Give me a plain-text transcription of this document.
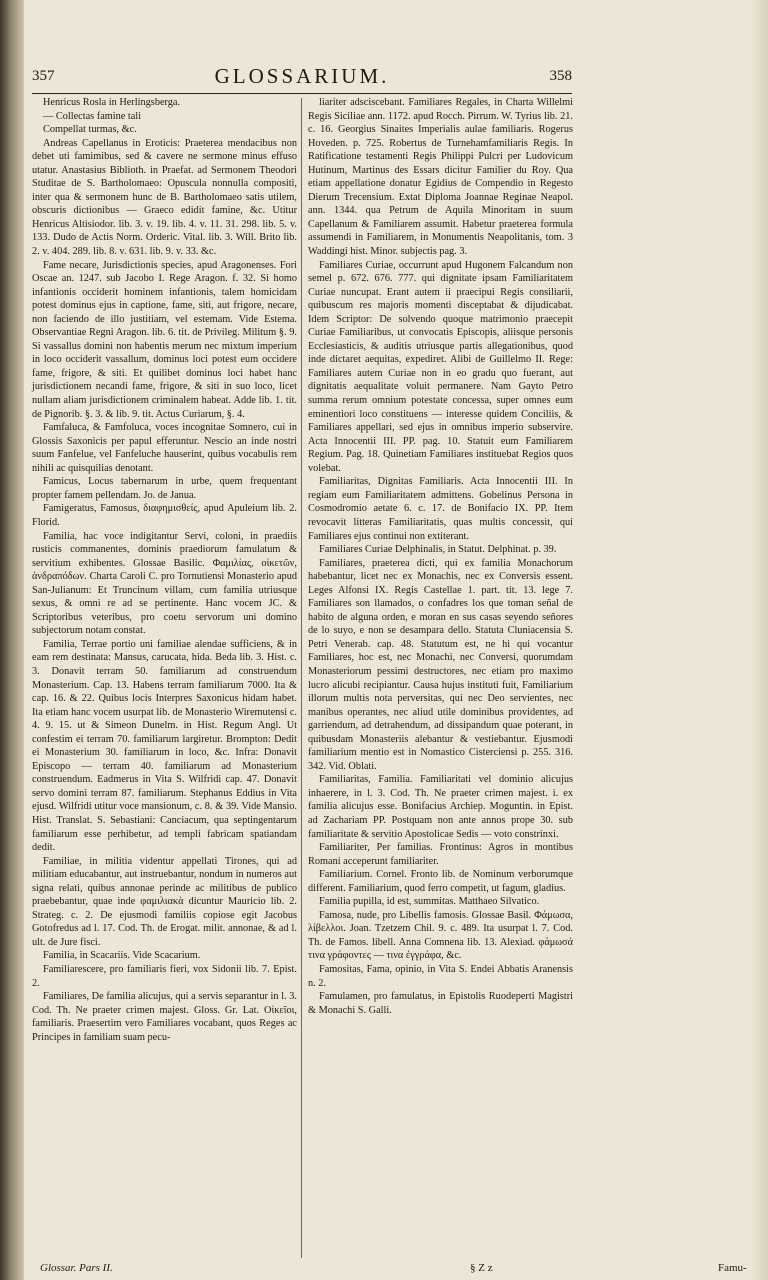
357	GLOSSARIUM.	358

Henricus Rosla in Herlingsberga.

— Collectas famine tali

Compellat turmas, &c.

Andreas Capellanus in Eroticis: Praeterea mendacibus non debet uti famimibus, sed & cavere ne sermone minus effuso utatur. Anastasius Biblioth. in Praefat. ad Sermonem Theodori Studitae de S. Bartholomaeo: Opuscula nonnulla compositi, inter qua & sermonem hunc de B. Bartholomaeo satis utilem, obscuris dictionibus — Graeco edidit famine, &c. Utitur Henricus Altisiodor. lib. 3. v. 19. lib. 4. v. 11. 31. 298. lib. 5. v. 133. Dudo de Actis Norm. Orderic. Vital. lib. 3. Will. Brito lib. 2. v. 404. 289. lib. 8. v. 631. lib. 9. v. 33. &c.

Fame necare, Jurisdictionis species, apud Aragonenses. Fori Oscae an. 1247. sub Jacobo I. Rege Aragon. f. 32. Si homo infantionis occiderit hominem infantionis, talem homicidam potest dominus ejus in captione, fame, siti, aut frigore, necare, non faciendo de illo justitiam, vel estemam. Vide Estema. Observantiae Regni Aragon. lib. 6. tit. de Privileg. Militum §. 9. Si vassallus domini non habentis merum nec mixtum imperium in loco occiderit vassallum, dominus loci potest eum occidere fame, frigore, & siti. Et quilibet dominus loci habet hanc jurisdictionem necandi fame, frigore, & siti in suo loco, licet nullam aliam jurisdictionem criminalem habeat. Adde lib. 1. tit. de Pignorib. §. 3. & lib. 9. tit. Actus Curiarum, §. 4.

Famfaluca, & Famfoluca, voces incognitae Somnero, cui in Glossis Saxonicis per papul efferuntur. Nescio an inde nostri suum Fanfelue, vel Fanfeluche hauserint, quibus vocabulis rem nihili ac quisquilias denotant.

Famicus, Locus tabernarum in urbe, quem frequentant propter famem pellendam. Jo. de Janua.

Famigeratus, Famosus, διαφημισθείς, apud Apuleium lib. 2. Florid.

Familia, hac voce indigitantur Servi, coloni, in praediis rusticis commanentes, dominis praediorum famulatum & servitium exhibentes. Glossae Basilic. Φαμιλίας, οἰκετῶν, ἀνδραπόδων. Charta Caroli C. pro Tornutiensi Monasterio apud San-Julianum: Et Truncinum villam, cum familia utriusque sexus, & omni re ad se pertinente. Hanc vocem JC. & Scriptoribus veteribus, pro coetu servorum uni domino subjectorum notam constat.

Familia, Terrae portio uni familiae alendae sufficiens, & in eam rem destinata: Mansus, carucata, hida. Beda lib. 3. Hist. c. 3. Donavit terram 50. familiarum ad construendum Monasterium. Cap. 13. Habens terram familiarum 7000. Ita & cap. 16. & 22. Quibus locis Interpres Saxonicus hidam habet. Ita etiam hanc vocem usurpat lib. de Monasterio Wiremutensi c. 4. 9. 15. ut & Simeon Dunelm. in Hist. Regum Angl. Ut confestim ei terram 70. familiarum largiretur. Brompton: Dedit ei Monasterium 30. familiarum in loco, &c. Infra: Donavit Episcopo — terram 40. familiarum ad Monasterium construendum. Eadmerus in Vita S. Wilfridi cap. 47. Donavit servo domini terram 87. familiarum. Stephanus Eddius in Vita ejusd. Wilfridi utitur voce mansionum, c. 8. & 39. Vide Mansio. Hist. Translat. S. Sebastiani: Canciacum, qua septingentarum familiarum esse perhibetur, ad templi fabricam spatiandam dedit.

Familiae, in militia videntur appellati Tirones, qui ad militiam educabantur, aut instruebantur, nondum in numeros aut signa relati, quibus annonae perinde ac militibus de publico praebebantur, quae inde φαμιλιακὰ dicuntur Mauricio lib. 2. Strateg. c. 2. De ejusmodi familiis copiose egit Jacobus Gotofredus ad l. 17. Cod. Th. de Erogat. milit. annonae, & ad l. ult. de Jure fisci.

Familia, in Scacariis. Vide Scacarium.

Familiarescere, pro familiaris fieri, vox Sidonii lib. 7. Epist. 2.

Familiares, De familia alicujus, qui a servis separantur in l. 3. Cod. Th. Ne praeter crimen majest. Gloss. Gr. Lat. Οἰκεῖοι, familiaris. Praesertim vero Familiares vocabant, quos Reges ac Principes in familiam suam pecu-

liariter adsciscebant. Familiares Regales, in Charta Willelmi Regis Siciliae ann. 1172. apud Rocch. Pirrum. W. Tyrius lib. 21. c. 16. Georgius Sinaites Imperialis aulae familiaris. Rogerus Hoveden. p. 725. Robertus de Turnehamfamiliaris Regis. In Ratificatione testamenti Regis Philippi Pulcri per Ludovicum Hutinum, Martinus des Essars dicitur Familier du Roy. Qua etiam appellatione donatur Egidius de Compendio in Regesto Dierum Trecensium. Extat Diploma Joannae Reginae Neapol. ann. 1344. qua Petrum de Aquila Minoritam in suum Capellanum & Familiarem assumit. Habetur praeterea formula assumendi in Familiarem, in Monumentis Neapolitanis, tom. 3 Waddingi hist. Minor. subjectis pag. 3.

Familiares Curiae, occurrunt apud Hugonem Falcandum non semel p. 672. 676. 777. qui dignitate ipsam Familiaritatem Curiae nuncupat. Erant autem ii praecipui Regis consiliarii, quibuscum res majoris momenti disceptabat & dijudicabat. Idem Scriptor: De solvendo quoque matrimonio praecepit Curiae Familiaribus, ut convocatis Episcopis, aliisque personis Ecclesiasticis, & auditis utriusque partis allegationibus, quod inde dictaret aequitas, expediret. Alibi de Guillelmo II. Rege: Familiares autem Curiae non in eo gradu quo fuerant, aut dignitatis aequalitate voluit permanere. Nam Gayto Petro summa rerum omnium potestate concessa, super omnes eum eminentiori loco constituens — interesse quidem Conciliis, & Familiares appellari, sed ejus in omnibus imperio subservire. Acta Innocentii III. PP. pag. 10. Statuit eum Familiarem Regium. Pag. 18. Quinetiam Familiares instituebat Regios quos volebat.

Familiaritas, Dignitas Familiaris. Acta Innocentii III. In regiam eum Familiaritatem admittens. Gobelinus Persona in Cosmodromio aetate 6. c. 17. de Bonifacio IX. PP. Item revocavit litteras Familiaritatis, quas multis concessit, qui Familiares ejus continui non extiterant.

Familiares Curiae Delphinalis, in Statut. Delphinat. p. 39.

Familiares, praeterea dicti, qui ex familia Monachorum habebantur, licet nec ex Monachis, nec ex Conversis essent. Leges Alfonsi IX. Regis Castellae 1. part. tit. 13. lege 7. Familiares son llamados, o confadres los que toman señal de habito de alguna orden, e moran en sus casas seyendo señores de lo suyo, e non se desampara dello. Statuta Cluniacensia S. Petri Venerab. cap. 48. Statutum est, ne hi qui vocantur Familiares, hoc est, nec Monachi, nec Conversi, quorumdam Monasteriorum pessimi destructores, nec etiam pro maximo lucro alicubi recipiantur. Causa hujus instituti fuit, Familiarium illorum multis nota perversitas, qui nec Deo servientes, nec manibus operantes, nec aliud utile dominibus providentes, ad garriendum, ad detrahendum, ad dissipandum quae poterant, in quibusdam Monasteriis alebantur & vestiebantur. Ejusmodi familiarium mentio est in Nomastico Cisterciensi p. 255. 316. 342. Vid. Oblati.

Familiaritas, Familia. Familiaritati vel dominio alicujus inhaerere, in l. 3. Cod. Th. Ne praeter crimen majest. i. ex familia alicujus esse. Bonifacius Archiep. Moguntin. in Epist. ad Zachariam PP. Postquam non ante annos prope 30. sub familiaritate & servitio Apostolicae Sedis — voto constrinxi.

Familiariter, Per familias. Frontinus: Agros in montibus Romani acceperunt familiariter.

Familiarium. Cornel. Fronto lib. de Nominum verborumque different. Familiarium, quod ferro competit, ut fagum, gladius.

Familia pupilla, id est, summitas. Matthaeo Silvatico.

Famosa, nude, pro Libellis famosis. Glossae Basil. Φάμωσα, λίβελλοι. Joan. Tzetzem Chil. 9. c. 489. Ita usurpat l. 7. Cod. Th. de Famos. libell. Anna Comnena lib. 13. Alexiad. φάμωσά τινα γράφοντες — τινα ἐγγράφα, &c.

Famositas, Fama, opinio, in Vita S. Endei Abbatis Aranensis n. 2.

Famulamen, pro famulatus, in Epistolis Ruodeperti Magistri & Monachi S. Galli.

Glossar. Pars II.	§ Z z	Famu-
